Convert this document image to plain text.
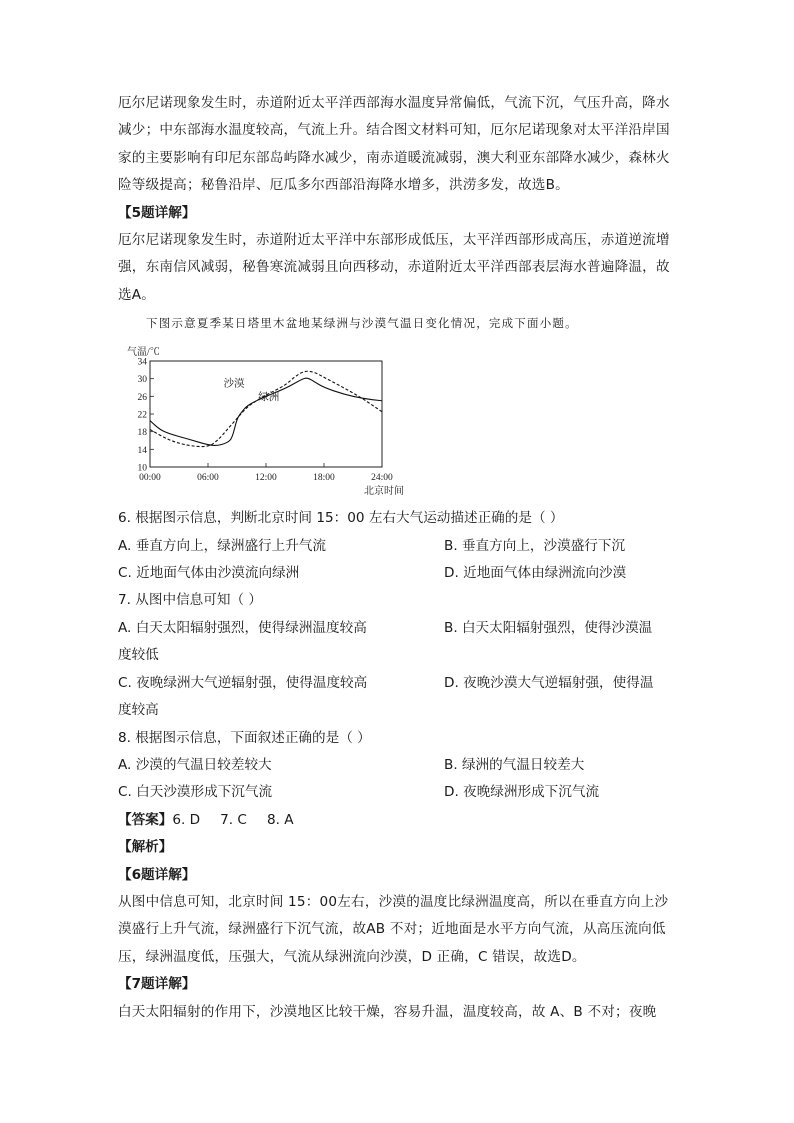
厄尔尼诺现象发生时，赤道附近太平洋西部海水温度异常偏低，气流下沉，气压升高，降水减少；中东部海水温度较高，气流上升。结合图文材料可知，厄尔尼诺现象对太平洋沿岸国家的主要影响有印尼东部岛屿降水减少，南赤道暖流减弱，澳大利亚东部降水减少，森林火险等级提高；秘鲁沿岸、厄瓜多尔西部沿海降水增多，洪涝多发，故选B。

【5题详解】

厄尔尼诺现象发生时，赤道附近太平洋中东部形成低压，太平洋西部形成高压，赤道逆流增强，东南信风减弱，秘鲁寒流减弱且向西移动，赤道附近太平洋西部表层海水普遍降温，故选A。

下图示意夏季某日塔里木盆地某绿洲与沙漠气温日变化情况，完成下面小题。

10
14
18
22
26
30
34
00:00	06:00	12:00	18:00	24:00
气温/℃
北京时间
沙漠
绿洲

6. 根据图示信息，判断北京时间 15：00 左右大气运动描述正确的是（ ）

A. 垂直方向上，绿洲盛行上升气流	B. 垂直方向上，沙漠盛行下沉
C. 近地面气体由沙漠流向绿洲	D. 近地面气体由绿洲流向沙漠

7. 从图中信息可知（ ）

A. 白天太阳辐射强烈，使得绿洲温度较高	B. 白天太阳辐射强烈，使得沙漠温

度较低

C. 夜晚绿洲大气逆辐射强，使得温度较高	D. 夜晚沙漠大气逆辐射强，使得温

度较高

8. 根据图示信息，下面叙述正确的是（ ）

A. 沙漠的气温日较差较大	B. 绿洲的气温日较差大
C. 白天沙漠形成下沉气流	D. 夜晚绿洲形成下沉气流

【答案】6. D 7. C 8. A

【解析】

【6题详解】

从图中信息可知，北京时间 15：00左右，沙漠的温度比绿洲温度高，所以在垂直方向上沙漠盛行上升气流，绿洲盛行下沉气流，故AB 不对；近地面是水平方向气流，从高压流向低压，绿洲温度低，压强大，气流从绿洲流向沙漠，D 正确，C 错误，故选D。

【7题详解】

白天太阳辐射的作用下，沙漠地区比较干燥，容易升温，温度较高，故 A、B 不对；夜晚
